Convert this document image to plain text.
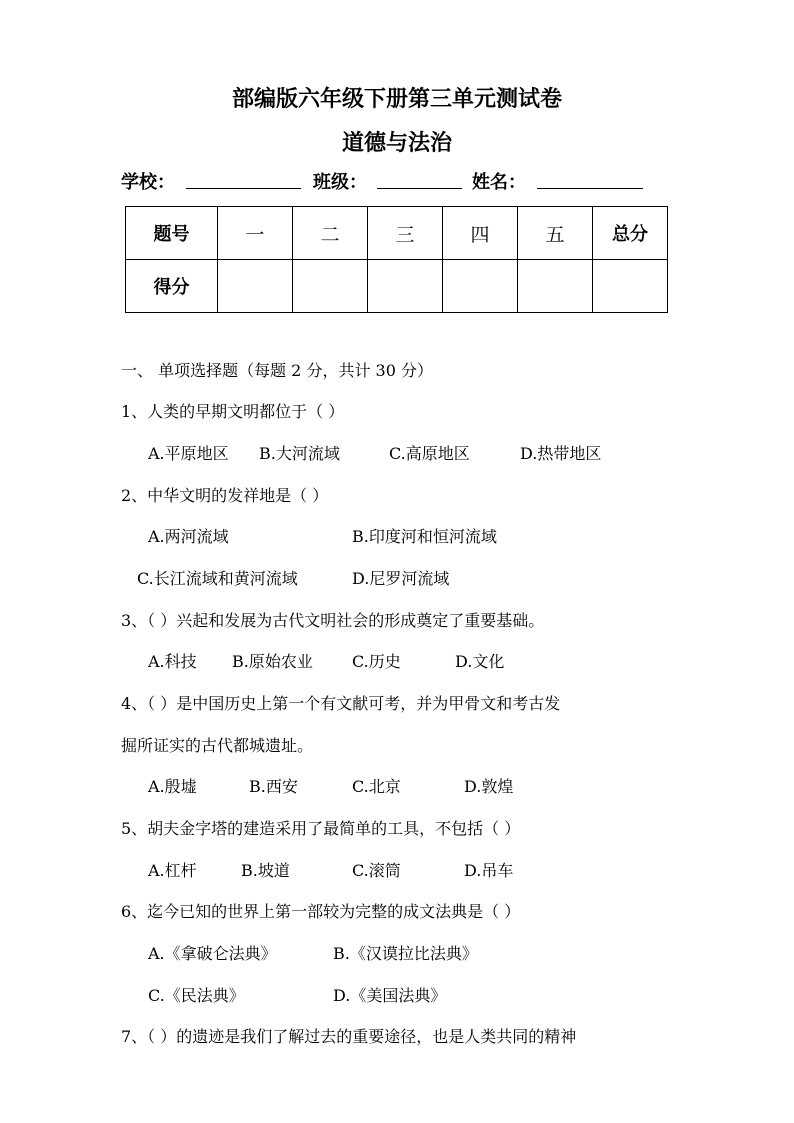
部编版六年级下册第三单元测试卷
道德与法治
学校：	班级：	姓名：
题号	一	二	三	四	五	总分
得分						
一、 单项选择题（每题 2 分，共计 30 分）
1、人类的早期文明都位于（ ）
A.平原地区 B.大河流域	C.高原地区	D.热带地区
2、中华文明的发祥地是（ ）
A.两河流域	B.印度河和恒河流域
C.长江流域和黄河流域	D.尼罗河流域
3、（ ）兴起和发展为古代文明社会的形成奠定了重要基础。
A.科技 B.原始农业 C.历史	D.文化
4、（ ）是中国历史上第一个有文献可考，并为甲骨文和考古发
掘所证实的古代都城遗址。
A.殷墟	B.西安	C.北京	D.敦煌
5、胡夫金字塔的建造采用了最简单的工具，不包括（ ）
A.杠杆	B.坡道	C.滚筒	D.吊车
6、迄今已知的世界上第一部较为完整的成文法典是（ ）
A.《拿破仑法典》	B.《汉谟拉比法典》
C.《民法典》	D.《美国法典》
7、（ ）的遗迹是我们了解过去的重要途径，也是人类共同的精神
